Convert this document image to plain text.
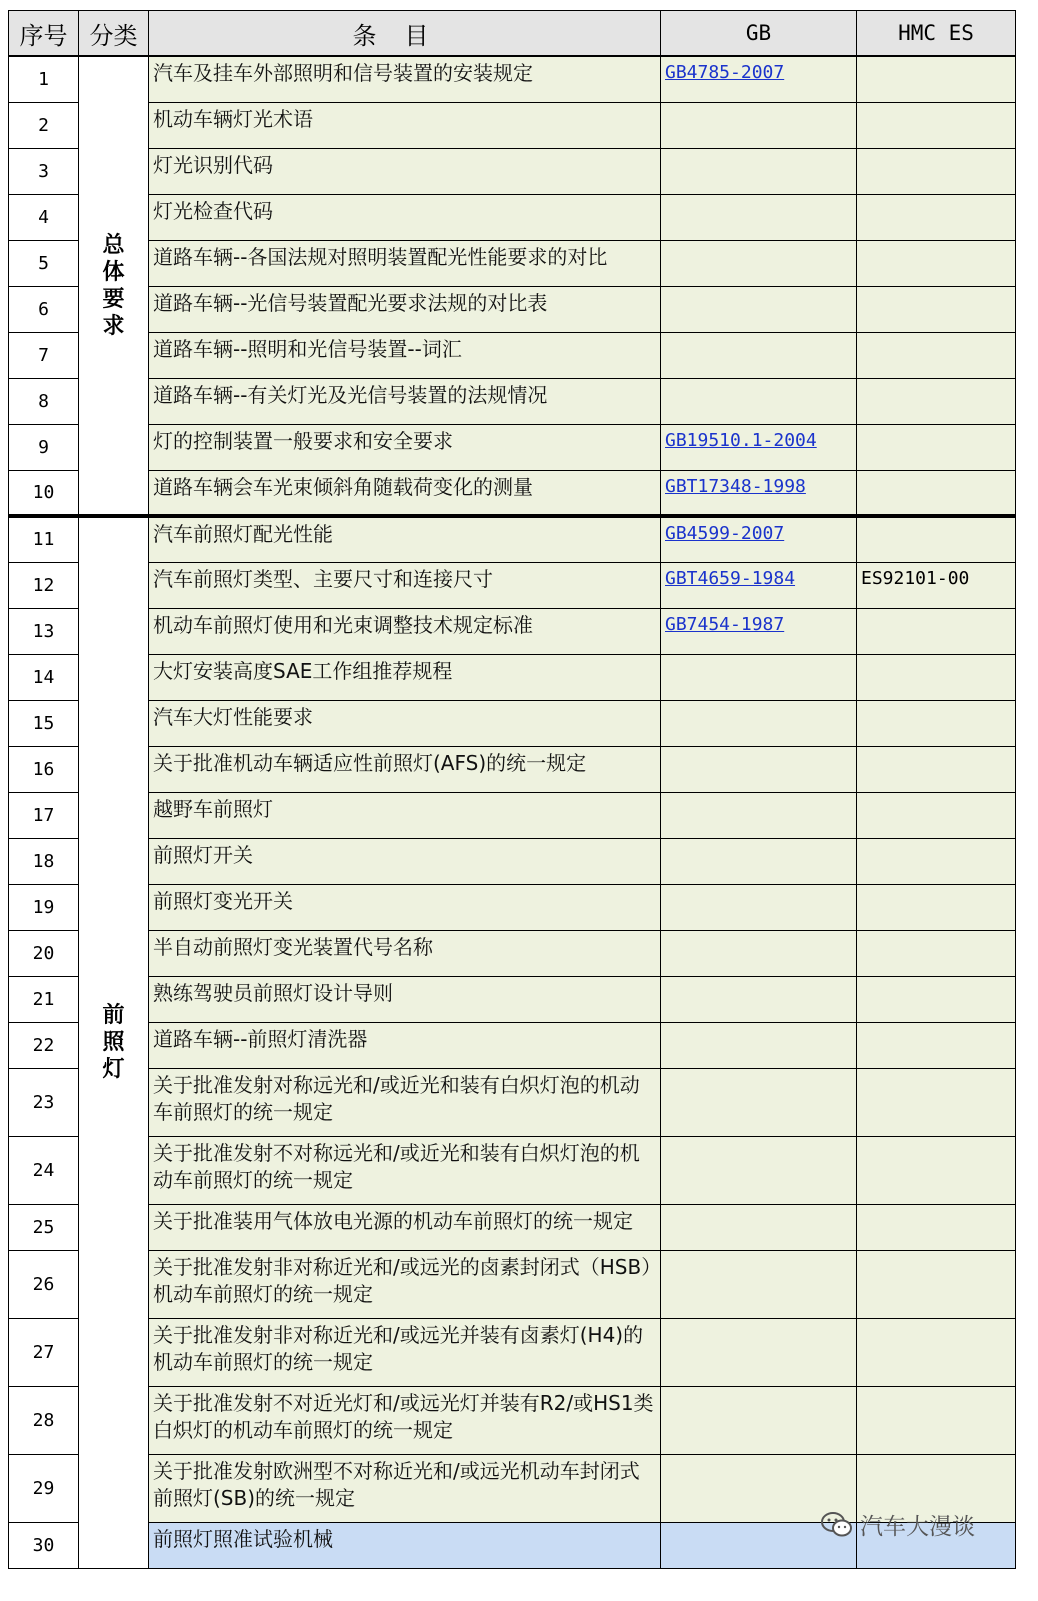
序号	分类	条目	GB	HMC ES
1	总体要求	汽车及挂车外部照明和信号装置的安装规定	GB4785-2007	
2		机动车辆灯光术语		
3		灯光识别代码		
4		灯光检查代码		
5		道路车辆--各国法规对照明装置配光性能要求的对比		
6		道路车辆--光信号装置配光要求法规的对比表		
7		道路车辆--照明和光信号装置--词汇		
8		道路车辆--有关灯光及光信号装置的法规情况		
9		灯的控制装置一般要求和安全要求	GB19510.1-2004	
10		道路车辆会车光束倾斜角随载荷变化的测量	GBT17348-1998	
11	前照灯	汽车前照灯配光性能	GB4599-2007	
12		汽车前照灯类型、主要尺寸和连接尺寸	GBT4659-1984	ES92101-00
13		机动车前照灯使用和光束调整技术规定标准	GB7454-1987	
14		大灯安装高度SAE工作组推荐规程		
15		汽车大灯性能要求		
16		关于批准机动车辆适应性前照灯(AFS)的统一规定		
17		越野车前照灯		
18		前照灯开关		
19		前照灯变光开关		
20		半自动前照灯变光装置代号名称		
21		熟练驾驶员前照灯设计导则		
22		道路车辆--前照灯清洗器		
23		关于批准发射对称远光和/或近光和装有白炽灯泡的机动车前照灯的统一规定		
24		关于批准发射不对称远光和/或近光和装有白炽灯泡的机动车前照灯的统一规定		
25		关于批准装用气体放电光源的机动车前照灯的统一规定		
26		关于批准发射非对称近光和/或远光的卤素封闭式（HSB）机动车前照灯的统一规定		
27		关于批准发射非对称近光和/或远光并装有卤素灯(H4)的机动车前照灯的统一规定		
28		关于批准发射不对近光灯和/或远光灯并装有R2/或HS1类白炽灯的机动车前照灯的统一规定		
29		关于批准发射欧洲型不对称近光和/或远光机动车封闭式前照灯(SB)的统一规定		
30		前照灯照准试验机械			汽车大漫谈
